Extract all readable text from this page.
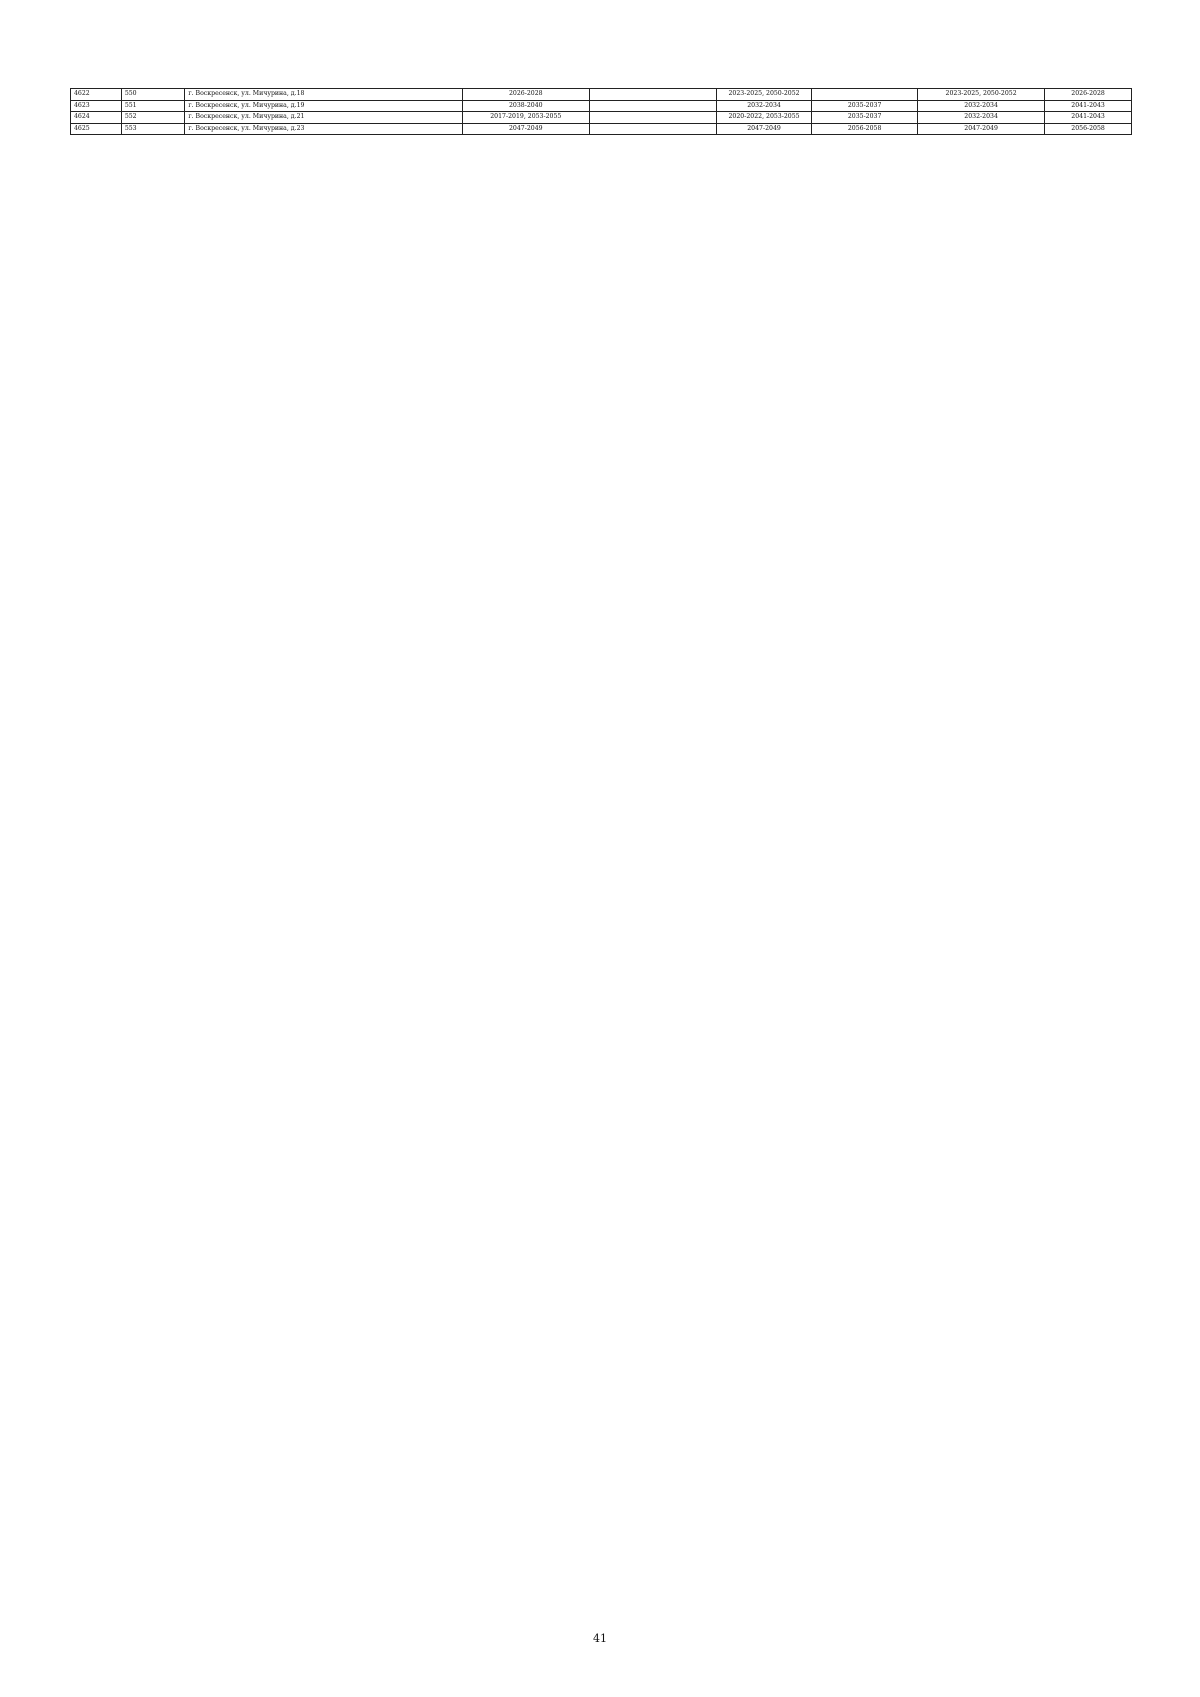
4622	550	г. Воскресенск, ул. Мичурина, д.18	2026-2028		2023-2025, 2050-2052		2023-2025, 2050-2052	2026-2028
4623	551	г. Воскресенск, ул. Мичурина, д.19	2038-2040		2032-2034	2035-2037	2032-2034	2041-2043
4624	552	г. Воскресенск, ул. Мичурина, д.21	2017-2019, 2053-2055		2020-2022, 2053-2055	2035-2037	2032-2034	2041-2043
4625	553	г. Воскресенск, ул. Мичурина, д.23	2047-2049		2047-2049	2056-2058	2047-2049	2056-2058
41
